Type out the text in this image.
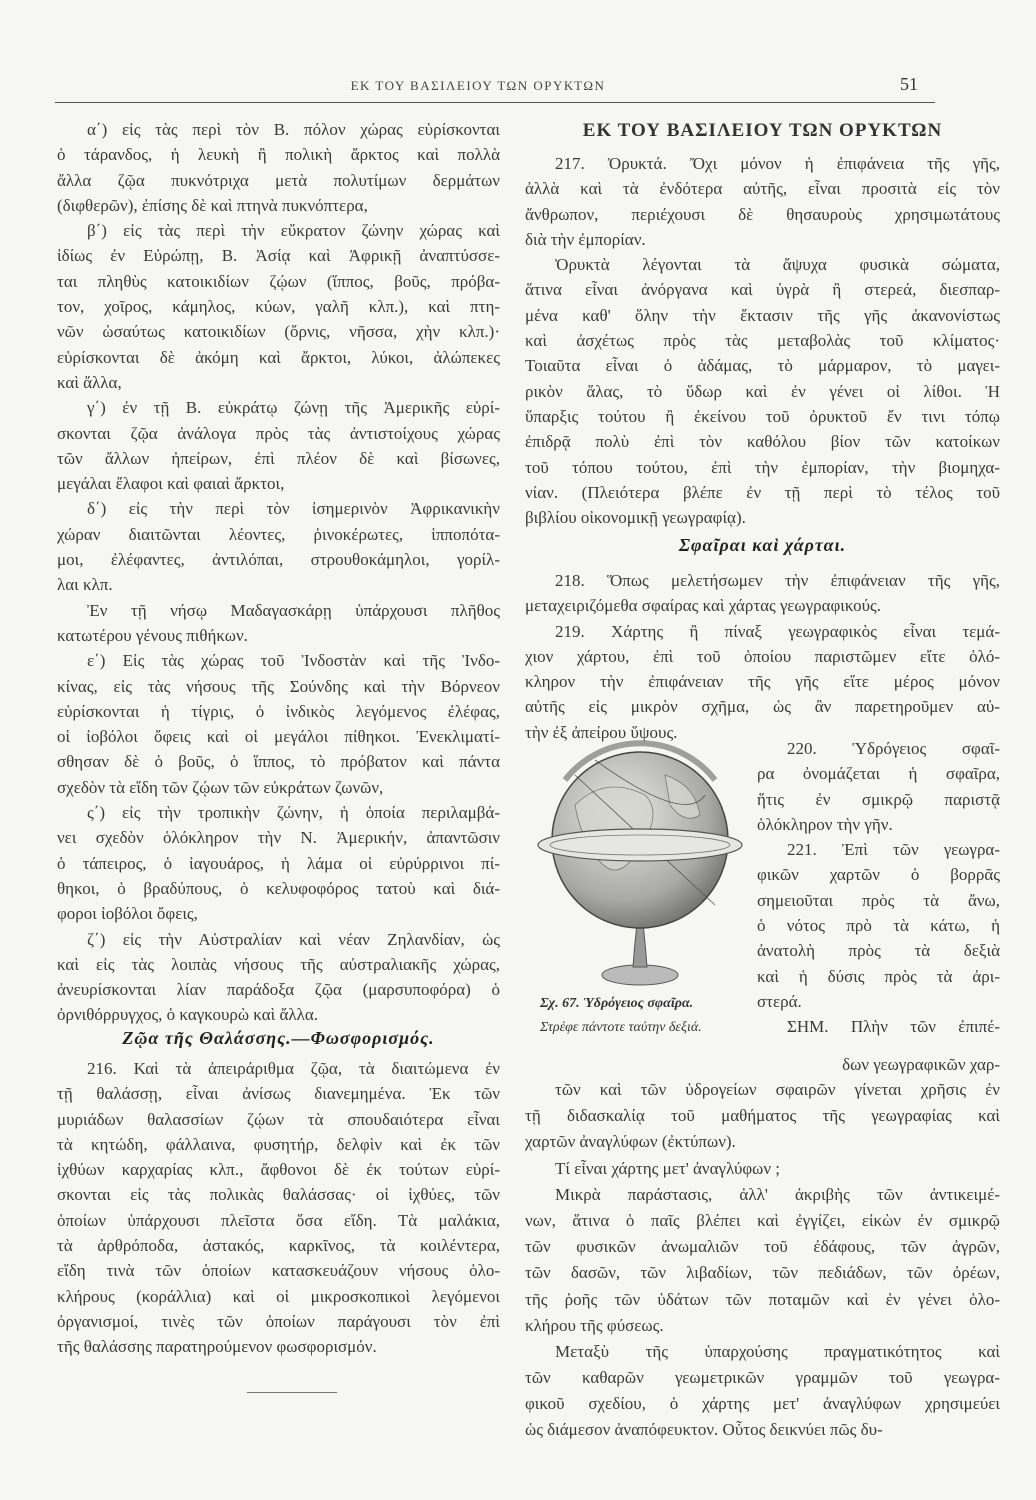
ΕΚ ΤΟΥ ΒΑΣΙΛΕΙΟΥ ΤΩΝ ΟΡΥΚΤΩΝ	51
α΄) εἰς τὰς περὶ τὸν Β. πόλον χώρας εὑρίσκονται
ὁ τάρανδος, ἡ λευκὴ ἢ πολικὴ ἄρκτος καὶ πολλὰ
ἄλλα ζῷα πυκνότριχα μετὰ πολυτίμων δερμάτων
(διφθερῶν), ἐπίσης δὲ καὶ πτηνὰ πυκνόπτερα,
β΄) εἰς τὰς περὶ τὴν εὔκρατον ζώνην χώρας καὶ
ἰδίως ἐν Εὐρώπῃ, Β. Ἀσίᾳ καὶ Ἀφρικῇ ἀναπτύσσε-
ται πληθὺς κατοικιδίων ζῴων (ἵππος, βοῦς, πρόβα-
τον, χοῖρος, κάμηλος, κύων, γαλῆ κλπ.), καὶ πτη-
νῶν ὡσαύτως κατοικιδίων (ὄρνις, νῆσσα, χὴν κλπ.)·
εὑρίσκονται δὲ ἀκόμη καὶ ἄρκτοι, λύκοι, ἀλώπεκες
καὶ ἄλλα,
γ΄) ἐν τῇ Β. εὐκράτῳ ζώνῃ τῆς Ἀμερικῆς εὑρί-
σκονται ζῷα ἀνάλογα πρὸς τὰς ἀντιστοίχους χώρας
τῶν ἄλλων ἠπείρων, ἐπὶ πλέον δὲ καὶ βίσωνες,
μεγάλαι ἔλαφοι καὶ φαιαὶ ἄρκτοι,
δ΄) εἰς τὴν περὶ τὸν ἰσημερινὸν Ἀφρικανικὴν
χώραν διαιτῶνται λέοντες, ῥινοκέρωτες, ἱπποπότα-
μοι, ἐλέφαντες, ἀντιλόπαι, στρουθοκάμηλοι, γορίλ-
λαι κλπ.
Ἐν τῇ νήσῳ Μαδαγασκάρῃ ὑπάρχουσι πλῆθος
κατωτέρου γένους πιθήκων.
ε΄) Εἰς τὰς χώρας τοῦ Ἰνδοστὰν καὶ τῆς Ἰνδο-
κίνας, εἰς τὰς νήσους τῆς Σούνδης καὶ τὴν Βόρνεον
εὑρίσκονται ἡ τίγρις, ὁ ἰνδικὸς λεγόμενος ἐλέφας,
οἱ ἰοβόλοι ὄφεις καὶ οἱ μεγάλοι πίθηκοι. Ἐνεκλιματί-
σθησαν δὲ ὁ βοῦς, ὁ ἵππος, τὸ πρόβατον καὶ πάντα
σχεδὸν τὰ εἴδη τῶν ζῴων τῶν εὐκράτων ζωνῶν,
ς΄) εἰς τὴν τροπικὴν ζώνην, ἡ ὁποία περιλαμβά-
νει σχεδὸν ὁλόκληρον τὴν Ν. Ἀμερικήν, ἀπαντῶσιν
ὁ τάπειρος, ὁ ἰαγουάρος, ἡ λάμα οἱ εὐρύρρινοι πί-
θηκοι, ὁ βραδύπους, ὁ κελυφοφόρος τατοὺ καὶ διά-
φοροι ἰοβόλοι ὄφεις,
ζ΄) εἰς τὴν Αὐστραλίαν καὶ νέαν Ζηλανδίαν, ὡς
καὶ εἰς τὰς λοιπὰς νήσους τῆς αὐστραλιακῆς χώρας,
ἀνευρίσκονται λίαν παράδοξα ζῷα (μαρσυποφόρα) ὁ
ὀρνιθόρρυγχος, ὁ καγκουρὼ καὶ ἄλλα.
Ζῷα τῆς Θαλάσσης.—Φωσφορισμός.
216. Καὶ τὰ ἀπειράριθμα ζῷα, τὰ διαιτώμενα ἐν
τῇ θαλάσσῃ, εἶναι ἀνίσως διανεμημένα. Ἐκ τῶν
μυριάδων θαλασσίων ζῴων τὰ σπουδαιότερα εἶναι
τὰ κητώδη, φάλλαινα, φυσητήρ, δελφὶν καὶ ἐκ τῶν
ἰχθύων καρχαρίας κλπ., ἄφθονοι δὲ ἐκ τούτων εὑρί-
σκονται εἰς τὰς πολικὰς θαλάσσας· οἱ ἰχθύες, τῶν
ὁποίων ὑπάρχουσι πλεῖστα ὅσα εἴδη. Τὰ μαλάκια,
τὰ ἀρθρόποδα, ἀστακός, καρκῖνος, τὰ κοιλέντερα,
εἴδη τινὰ τῶν ὁποίων κατασκευάζουν νήσους ὁλο-
κλήρους (κοράλλια) καὶ οἱ μικροσκοπικοὶ λεγόμενοι
ὀργανισμοί, τινὲς τῶν ὁποίων παράγουσι τὸν ἐπὶ
τῆς θαλάσσης παρατηρούμενον φωσφορισμόν.
ΕΚ ΤΟΥ ΒΑΣΙΛΕΙΟΥ ΤΩΝ ΟΡΥΚΤΩΝ
217. Ὀρυκτά. Ὄχι μόνον ἡ ἐπιφάνεια τῆς γῆς,
ἀλλὰ καὶ τὰ ἐνδότερα αὐτῆς, εἶναι προσιτὰ εἰς τὸν
ἄνθρωπον, περιέχουσι δὲ θησαυροὺς χρησιμωτάτους
διὰ τὴν ἐμπορίαν.
Ὀρυκτὰ λέγονται τὰ ἄψυχα φυσικὰ σώματα,
ἅτινα εἶναι ἀνόργανα καὶ ὑγρὰ ἢ στερεά, διεσπαρ-
μένα καθ' ὅλην τὴν ἔκτασιν τῆς γῆς ἀκανονίστως
καὶ ἀσχέτως πρὸς τὰς μεταβολὰς τοῦ κλίματος·
Τοιαῦτα εἶναι ὁ ἀδάμας, τὸ μάρμαρον, τὸ μαγει-
ρικὸν ἅλας, τὸ ὕδωρ καὶ ἐν γένει οἱ λίθοι. Ἡ
ὕπαρξις τούτου ἢ ἐκείνου τοῦ ὀρυκτοῦ ἔν τινι τόπῳ
ἐπιδρᾷ πολὺ ἐπὶ τὸν καθόλου βίον τῶν κατοίκων
τοῦ τόπου τούτου, ἐπὶ τὴν ἐμπορίαν, τὴν βιομηχα-
νίαν. (Πλειότερα βλέπε ἐν τῇ περὶ τὸ τέλος τοῦ
βιβλίου οἰκονομικῇ γεωγραφίᾳ).
Σφαῖραι καὶ χάρται.
218. Ὅπως μελετήσωμεν τὴν ἐπιφάνειαν τῆς γῆς,
μεταχειριζόμεθα σφαίρας καὶ χάρτας γεωγραφικούς.
219. Χάρτης ἢ πίναξ γεωγραφικὸς εἶναι τεμά-
χιον χάρτου, ἐπὶ τοῦ ὁποίου παριστῶμεν εἴτε ὁλό-
κληρον τὴν ἐπιφάνειαν τῆς γῆς εἴτε μέρος μόνον
αὐτῆς εἰς μικρὸν σχῆμα, ὡς ἂν παρετηροῦμεν αὐ-
τὴν ἐξ ἀπείρου ὕψους.
Σχ. 67. Ὑδρόγειος σφαῖρα.
Στρέφε πάντοτε ταύτην δεξιά.
220. Ὑδρόγειος σφαῖ-
ρα ὀνομάζεται ἡ σφαῖρα,
ἥτις ἐν σμικρῷ παριστᾷ
ὁλόκληρον τὴν γῆν.
221. Ἐπὶ τῶν γεωγρα-
φικῶν χαρτῶν ὁ βορρᾶς
σημειοῦται πρὸς τὰ ἄνω,
ὁ νότος πρὸ τὰ κάτω, ἡ
ἀνατολὴ πρὸς τὰ δεξιὰ
καὶ ἡ δύσις πρὸς τὰ ἀρι-
στερά.
ΣΗΜ. Πλὴν τῶν ἐπιπέ-
δων γεωγραφικῶν χαρ-
τῶν καὶ τῶν ὑδρογείων σφαιρῶν γίνεται χρῆσις ἐν
τῇ διδασκαλίᾳ τοῦ μαθήματος τῆς γεωγραφίας καὶ
χαρτῶν ἀναγλύφων (ἐκτύπων).
Τί εἶναι χάρτης μετ' ἀναγλύφων ;
Μικρὰ παράστασις, ἀλλ' ἀκριβὴς τῶν ἀντικειμέ-
νων, ἅτινα ὁ παῖς βλέπει καὶ ἐγγίζει, εἰκὼν ἐν σμικρῷ
τῶν φυσικῶν ἀνωμαλιῶν τοῦ ἐδάφους, τῶν ἀγρῶν,
τῶν δασῶν, τῶν λιβαδίων, τῶν πεδιάδων, τῶν ὀρέων,
τῆς ῥοῆς τῶν ὑδάτων τῶν ποταμῶν καὶ ἐν γένει ὁλο-
κλήρου τῆς φύσεως.
Μεταξὺ τῆς ὑπαρχούσης πραγματικότητος καὶ
τῶν καθαρῶν γεωμετρικῶν γραμμῶν τοῦ γεωγρα-
φικοῦ σχεδίου, ὁ χάρτης μετ' ἀναγλύφων χρησιμεύει
ὡς διάμεσον ἀναπόφευκτον. Οὗτος δεικνύει πῶς δυ-
